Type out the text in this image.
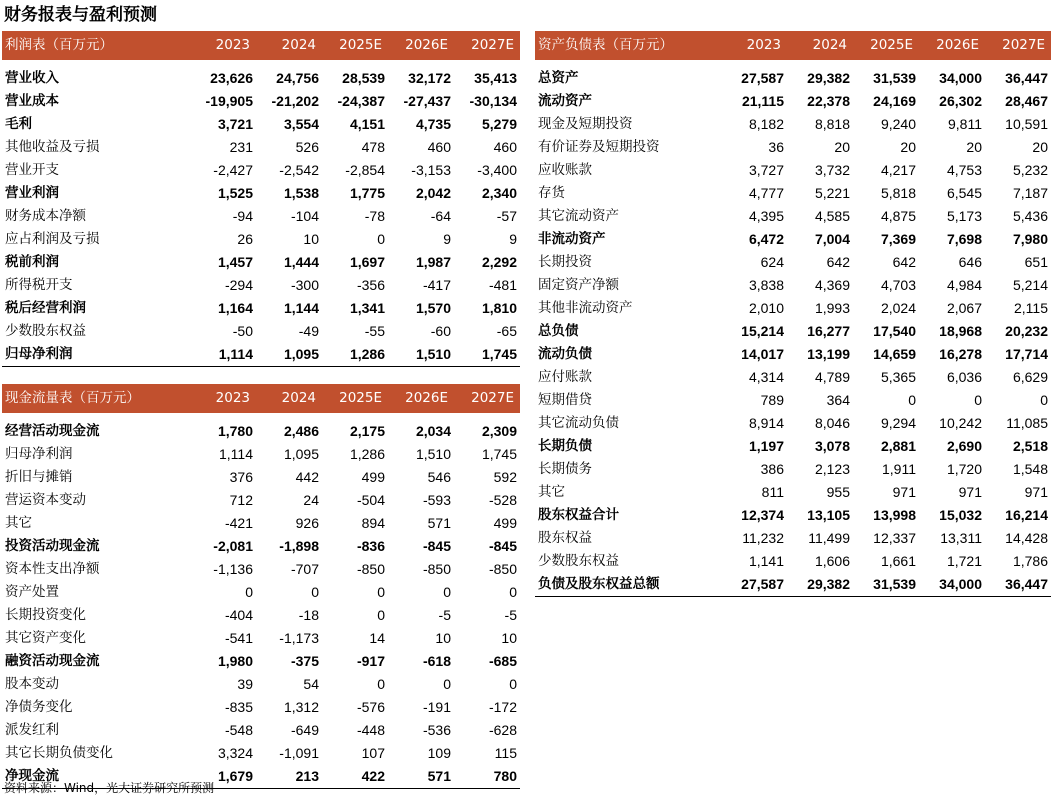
财务报表与盈利预测
利润表（百万元）	2023	2024	2025E	2026E	2027E

营业收入	23,626	24,756	28,539	32,172	35,413
营业成本	-19,905	-21,202	-24,387	-27,437	-30,134
毛利	3,721	3,554	4,151	4,735	5,279
其他收益及亏损	231	526	478	460	460
营业开支	-2,427	-2,542	-2,854	-3,153	-3,400
营业利润	1,525	1,538	1,775	2,042	2,340
财务成本净额	-94	-104	-78	-64	-57
应占利润及亏损	26	10	0	9	9
税前利润	1,457	1,444	1,697	1,987	2,292
所得税开支	-294	-300	-356	-417	-481
税后经营利润	1,164	1,144	1,341	1,570	1,810
少数股东权益	-50	-49	-55	-60	-65
归母净利润	1,114	1,095	1,286	1,510	1,745
现金流量表（百万元）	2023	2024	2025E	2026E	2027E

经营活动现金流	1,780	2,486	2,175	2,034	2,309
归母净利润	1,114	1,095	1,286	1,510	1,745
折旧与摊销	376	442	499	546	592
营运资本变动	712	24	-504	-593	-528
其它	-421	926	894	571	499
投资活动现金流	-2,081	-1,898	-836	-845	-845
资本性支出净额	-1,136	-707	-850	-850	-850
资产处置	0	0	0	0	0
长期投资变化	-404	-18	0	-5	-5
其它资产变化	-541	-1,173	14	10	10
融资活动现金流	1,980	-375	-917	-618	-685
股本变动	39	54	0	0	0
净债务变化	-835	1,312	-576	-191	-172
派发红利	-548	-649	-448	-536	-628
其它长期负债变化	3,324	-1,091	107	109	115
净现金流	1,679	213	422	571	780
资产负债表（百万元）	2023	2024	2025E	2026E	2027E

总资产	27,587	29,382	31,539	34,000	36,447
流动资产	21,115	22,378	24,169	26,302	28,467
现金及短期投资	8,182	8,818	9,240	9,811	10,591
有价证券及短期投资	36	20	20	20	20
应收账款	3,727	3,732	4,217	4,753	5,232
存货	4,777	5,221	5,818	6,545	7,187
其它流动资产	4,395	4,585	4,875	5,173	5,436
非流动资产	6,472	7,004	7,369	7,698	7,980
长期投资	624	642	642	646	651
固定资产净额	3,838	4,369	4,703	4,984	5,214
其他非流动资产	2,010	1,993	2,024	2,067	2,115
总负债	15,214	16,277	17,540	18,968	20,232
流动负债	14,017	13,199	14,659	16,278	17,714
应付账款	4,314	4,789	5,365	6,036	6,629
短期借贷	789	364	0	0	0
其它流动负债	8,914	8,046	9,294	10,242	11,085
长期负债	1,197	3,078	2,881	2,690	2,518
长期债务	386	2,123	1,911	1,720	1,548
其它	811	955	971	971	971
股东权益合计	12,374	13,105	13,998	15,032	16,214
股东权益	11,232	11,499	12,337	13,311	14,428
少数股东权益	1,141	1,606	1,661	1,721	1,786
负债及股东权益总额	27,587	29,382	31,539	34,000	36,447
资料来源：Wind，光大证券研究所预测
